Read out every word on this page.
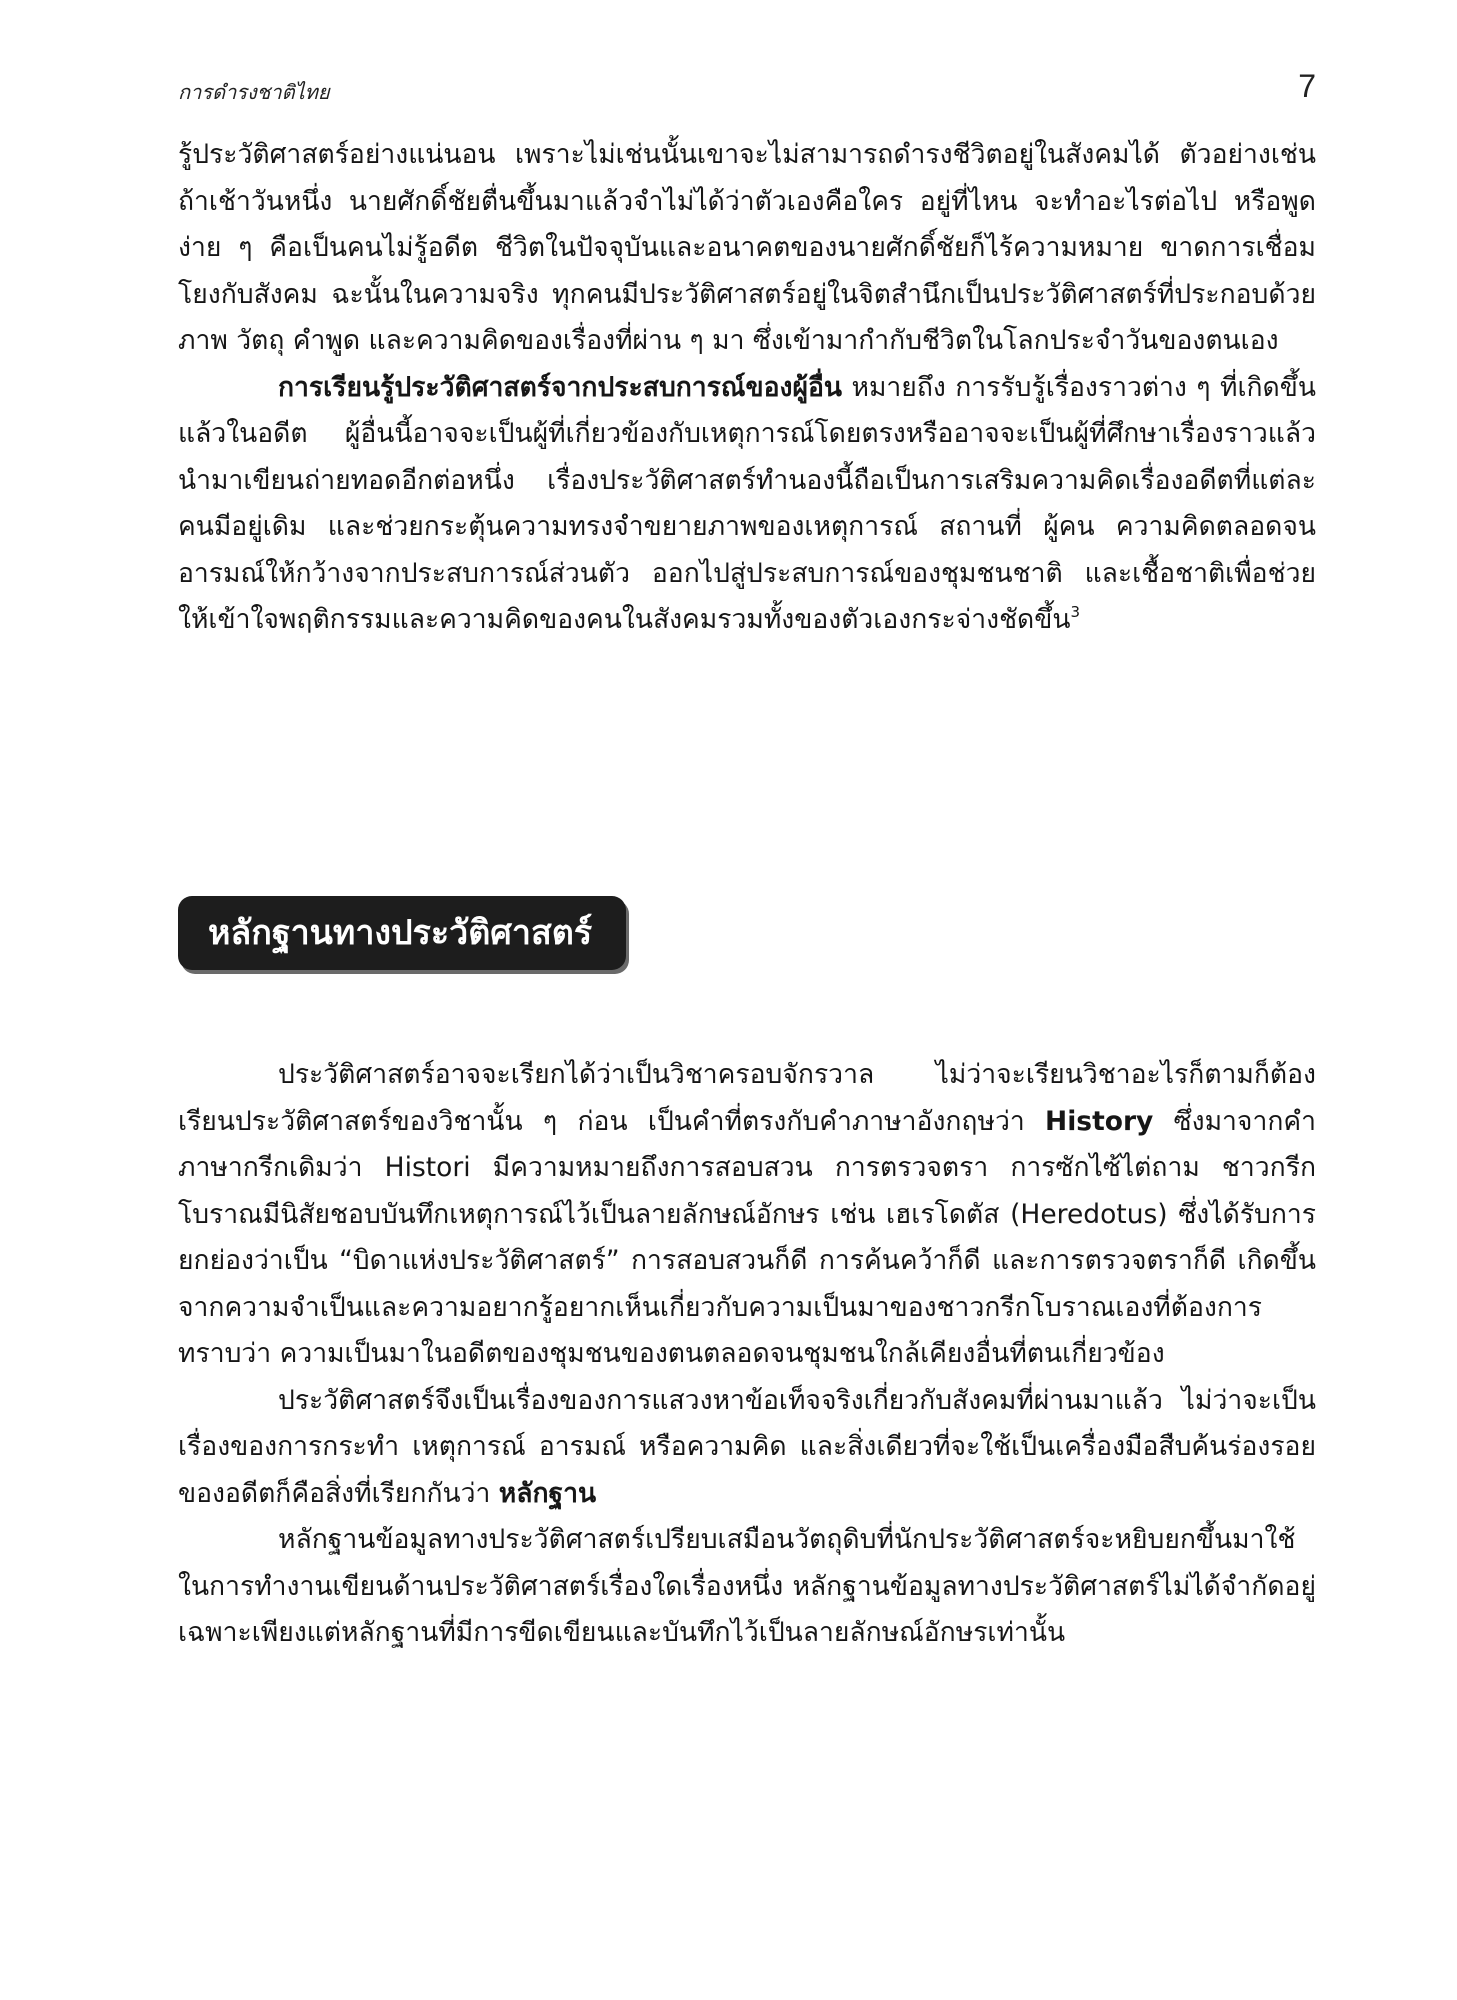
การดำรงชาติไทย	7

รู้ประวัติศาสตร์อย่างแน่นอน เพราะไม่เช่นนั้นเขาจะไม่สามารถดำรงชีวิตอยู่ในสังคมได้ ตัวอย่างเช่น ถ้าเช้าวันหนึ่ง นายศักดิ์ชัยตื่นขึ้นมาแล้วจำไม่ได้ว่าตัวเองคือใคร อยู่ที่ไหน จะทำอะไรต่อไป หรือพูดง่าย ๆ คือเป็นคนไม่รู้อดีต ชีวิตในปัจจุบันและอนาคตของนายศักดิ์ชัยก็ไร้ความหมาย ขาดการเชื่อมโยงกับสังคม ฉะนั้นในความจริง ทุกคนมีประวัติศาสตร์อยู่ในจิตสำนึกเป็นประวัติศาสตร์ที่ประกอบด้วยภาพ วัตถุ คำพูด และความคิดของเรื่องที่ผ่าน ๆ มา ซึ่งเข้ามากำกับชีวิตในโลกประจำวันของตนเอง

การเรียนรู้ประวัติศาสตร์จากประสบการณ์ของผู้อื่น หมายถึง การรับรู้เรื่องราวต่าง ๆ ที่เกิดขึ้นแล้วในอดีต ผู้อื่นนี้อาจจะเป็นผู้ที่เกี่ยวข้องกับเหตุการณ์โดยตรงหรืออาจจะเป็นผู้ที่ศึกษาเรื่องราวแล้วนำมาเขียนถ่ายทอดอีกต่อหนึ่ง เรื่องประวัติศาสตร์ทำนองนี้ถือเป็นการเสริมความคิดเรื่องอดีตที่แต่ละคนมีอยู่เดิม และช่วยกระตุ้นความทรงจำขยายภาพของเหตุการณ์ สถานที่ ผู้คน ความคิดตลอดจนอารมณ์ให้กว้างจากประสบการณ์ส่วนตัว ออกไปสู่ประสบการณ์ของชุมชนชาติ และเชื้อชาติเพื่อช่วยให้เข้าใจพฤติกรรมและความคิดของคนในสังคมรวมทั้งของตัวเองกระจ่างชัดขึ้น$^3$

หลักฐานทางประวัติศาสตร์

ประวัติศาสตร์อาจจะเรียกได้ว่าเป็นวิชาครอบจักรวาล ไม่ว่าจะเรียนวิชาอะไรก็ตามก็ต้องเรียนประวัติศาสตร์ของวิชานั้น ๆ ก่อน เป็นคำที่ตรงกับคำภาษาอังกฤษว่า History ซึ่งมาจากคำภาษากรีกเดิมว่า Histori มีความหมายถึงการสอบสวน การตรวจตรา การซักไซ้ไต่ถาม ชาวกรีกโบราณมีนิสัยชอบบันทึกเหตุการณ์ไว้เป็นลายลักษณ์อักษร เช่น เฮเรโดตัส (Heredotus) ซึ่งได้รับการยกย่องว่าเป็น “บิดาแห่งประวัติศาสตร์” การสอบสวนก็ดี การค้นคว้าก็ดี และการตรวจตราก็ดี เกิดขึ้นจากความจำเป็นและความอยากรู้อยากเห็นเกี่ยวกับความเป็นมาของชาวกรีกโบราณเองที่ต้องการทราบว่า ความเป็นมาในอดีตของชุมชนของตนตลอดจนชุมชนใกล้เคียงอื่นที่ตนเกี่ยวข้อง

ประวัติศาสตร์จึงเป็นเรื่องของการแสวงหาข้อเท็จจริงเกี่ยวกับสังคมที่ผ่านมาแล้ว ไม่ว่าจะเป็นเรื่องของการกระทำ เหตุการณ์ อารมณ์ หรือความคิด และสิ่งเดียวที่จะใช้เป็นเครื่องมือสืบค้นร่องรอยของอดีตก็คือสิ่งที่เรียกกันว่า หลักฐาน

หลักฐานข้อมูลทางประวัติศาสตร์เปรียบเสมือนวัตถุดิบที่นักประวัติศาสตร์จะหยิบยกขึ้นมาใช้ในการทำงานเขียนด้านประวัติศาสตร์เรื่องใดเรื่องหนึ่ง หลักฐานข้อมูลทางประวัติศาสตร์ไม่ได้จำกัดอยู่เฉพาะเพียงแต่หลักฐานที่มีการขีดเขียนและบันทึกไว้เป็นลายลักษณ์อักษรเท่านั้น
